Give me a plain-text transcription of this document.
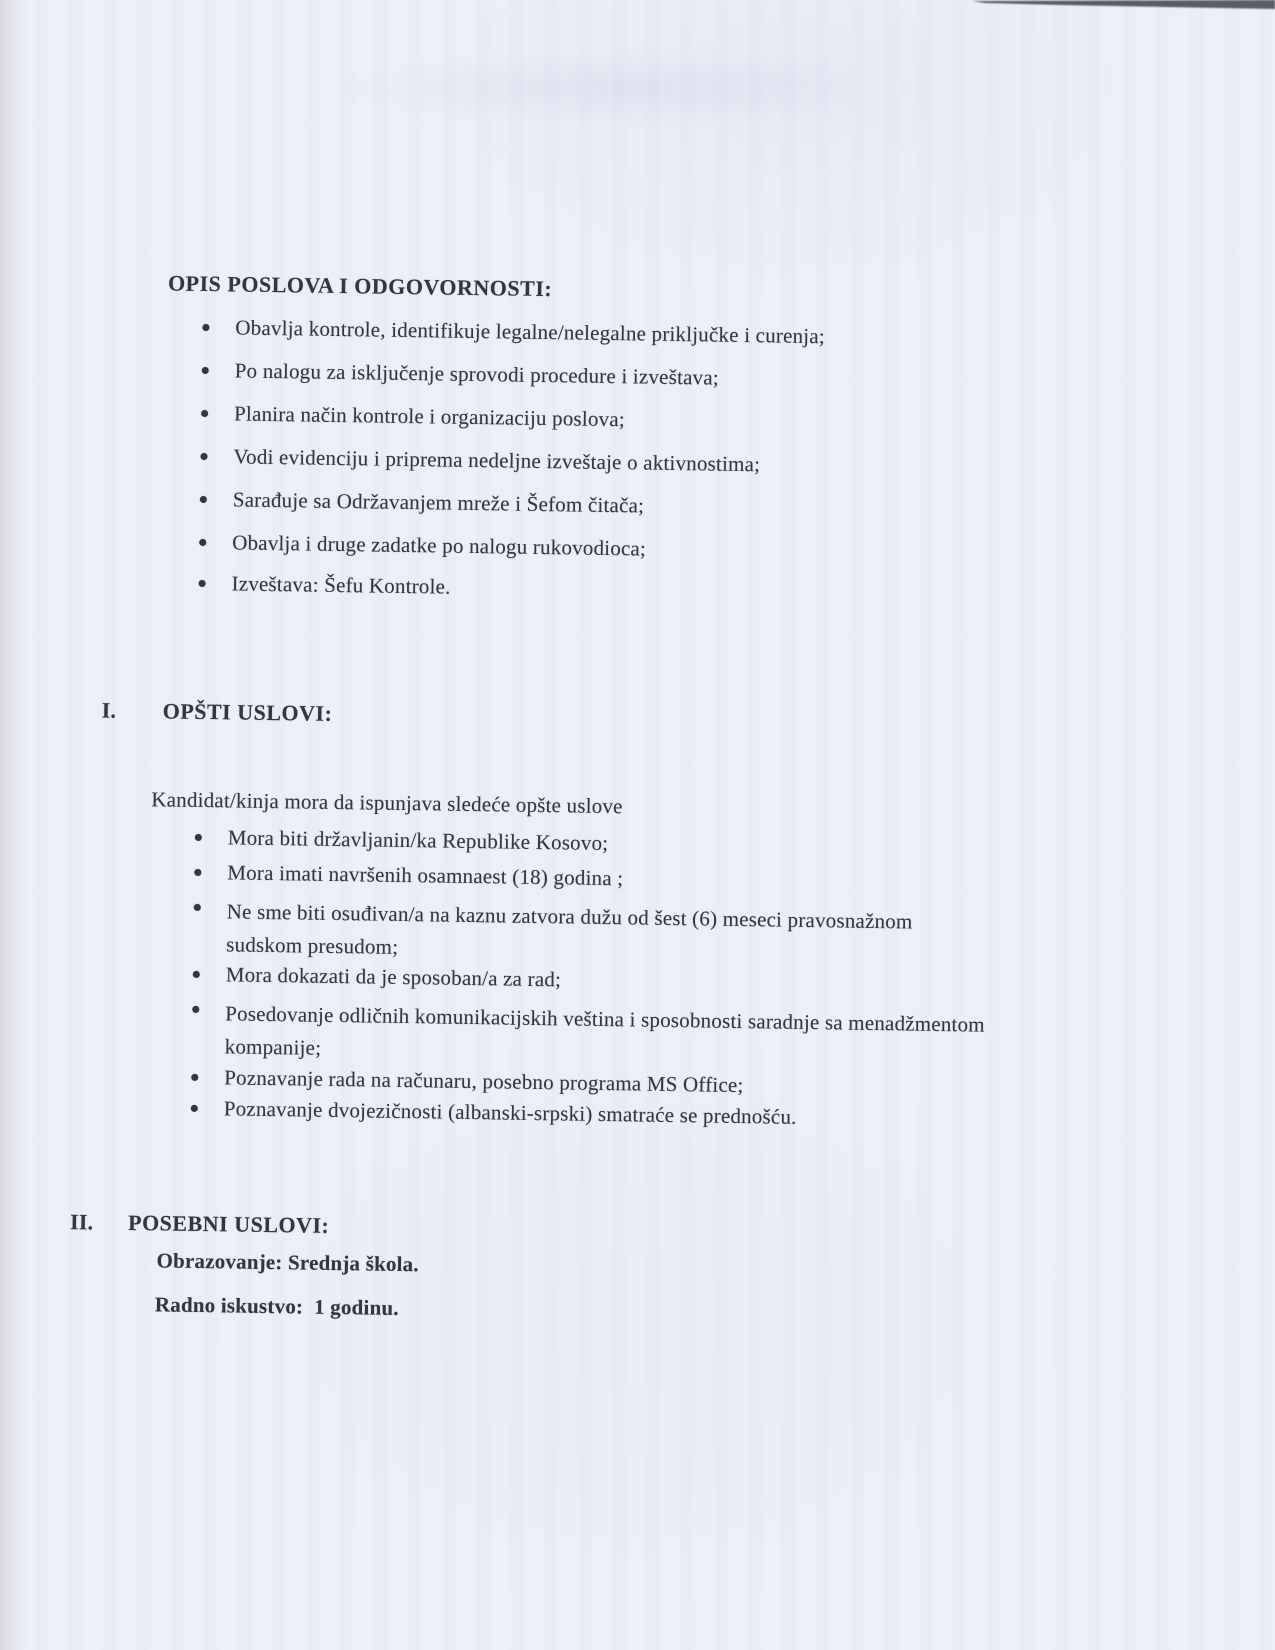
OPIS POSLOVA I ODGOVORNOSTI:
Obavlja kontrole, identifikuje legalne/nelegalne priključke i curenja;
Po nalogu za isključenje sprovodi procedure i izveštava;
Planira način kontrole i organizaciju poslova;
Vodi evidenciju i priprema nedeljne izveštaje o aktivnostima;
Sarađuje sa Održavanjem mreže i Šefom čitača;
Obavlja i druge zadatke po nalogu rukovodioca;
Izveštava: Šefu Kontrole.
I. OPŠTI USLOVI:
Kandidat/kinja mora da ispunjava sledeće opšte uslove
Mora biti državljanin/ka Republike Kosovo;
Mora imati navršenih osamnaest (18) godina ;
Ne sme biti osuđivan/a na kaznu zatvora dužu od šest (6) meseci pravosnažnom
sudskom presudom;
Mora dokazati da je sposoban/a za rad;
Posedovanje odličnih komunikacijskih veština i sposobnosti saradnje sa menadžmentom
kompanije;
Poznavanje rada na računaru, posebno programa MS Office;
Poznavanje dvojezičnosti (albanski-srpski) smatraće se prednošću.
II. POSEBNI USLOVI:
Obrazovanje: Srednja škola.
Radno iskustvo:  1 godinu.
